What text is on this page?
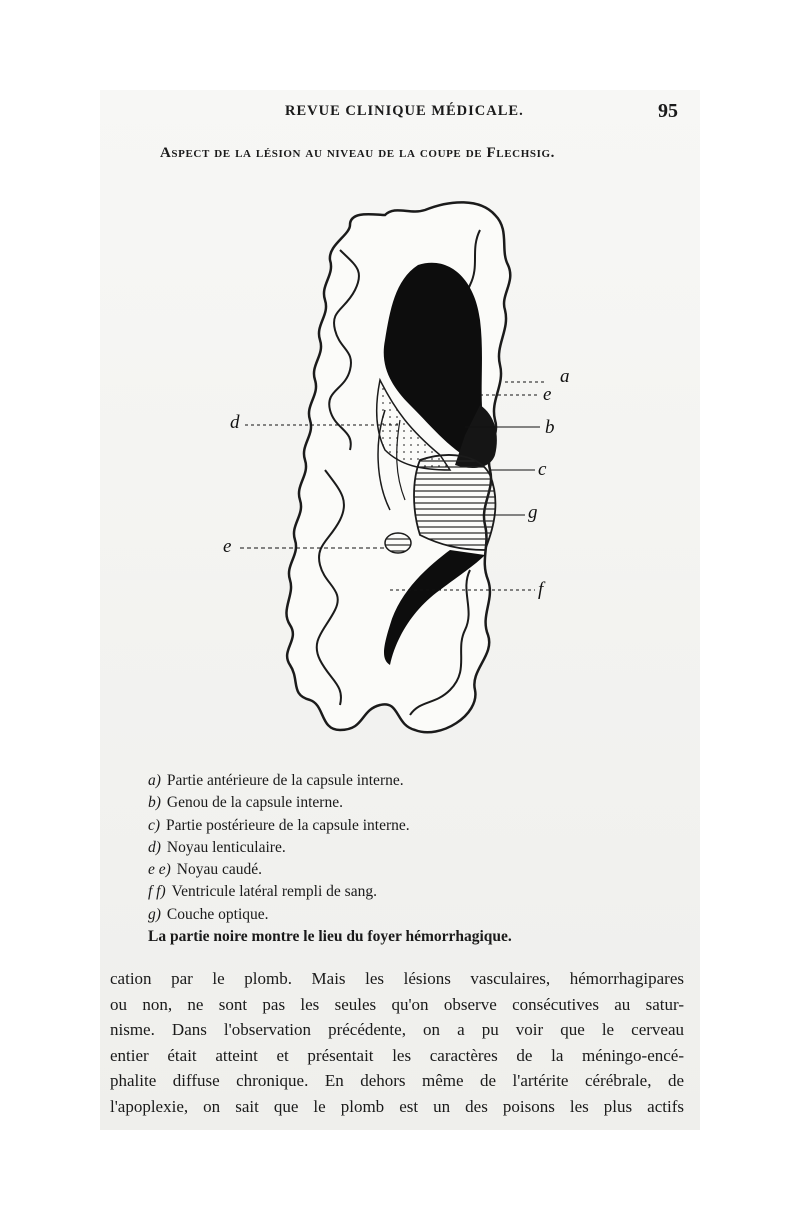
REVUE CLINIQUE MÉDICALE.	95
Aspect de la lésion au niveau de la coupe de Flechsig.
a
e
b
d
c
g
e
f
a) Partie antérieure de la capsule interne.
b) Genou de la capsule interne.
c) Partie postérieure de la capsule interne.
d) Noyau lenticulaire.
e e) Noyau caudé.
f f) Ventricule latéral rempli de sang.
g) Couche optique.
La partie noire montre le lieu du foyer hémorrhagique.
cation par le plomb. Mais les lésions vasculaires, hémorrhagipares
ou non, ne sont pas les seules qu'on observe consécutives au satur-
nisme. Dans l'observation précédente, on a pu voir que le cerveau
entier était atteint et présentait les caractères de la méningo-encé-
phalite diffuse chronique. En dehors même de l'artérite cérébrale, de
l'apoplexie, on sait que le plomb est un des poisons les plus actifs
